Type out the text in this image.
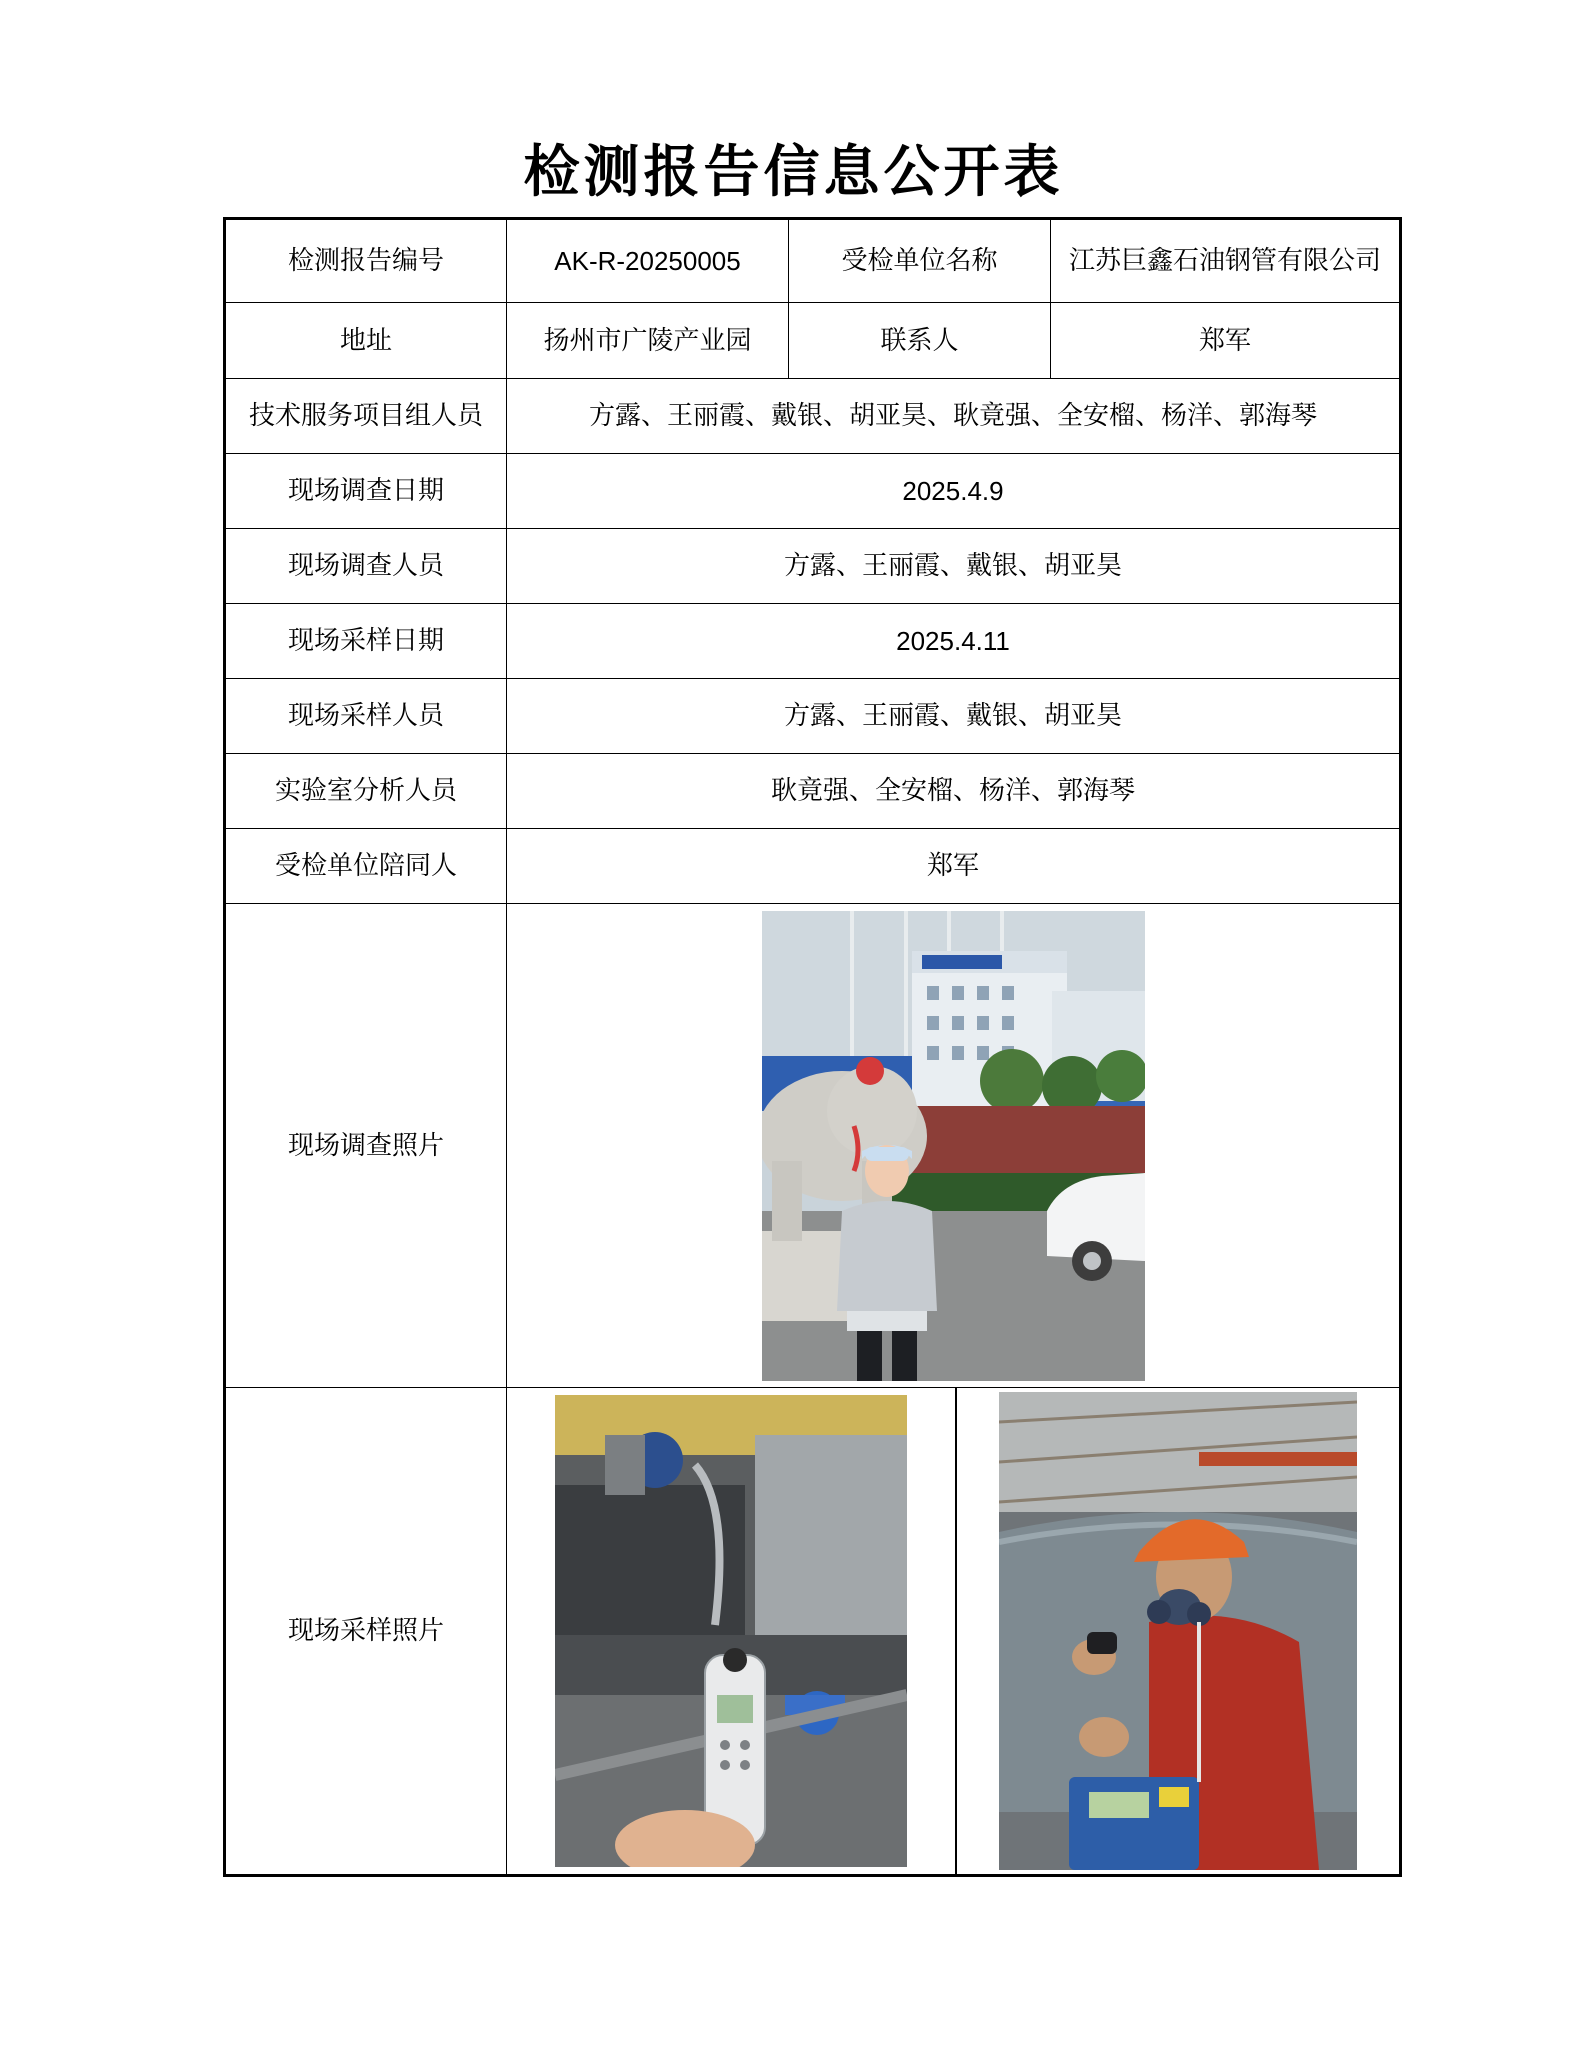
检测报告信息公开表
检测报告编号	AK-R-20250005	受检单位名称	江苏巨鑫石油钢管有限公司
地址	扬州市广陵产业园	联系人	郑军
技术服务项目组人员	方露、王丽霞、戴银、胡亚昊、耿竟强、全安榴、杨洋、郭海琴		
现场调查日期	2025.4.9		
现场调查人员	方露、王丽霞、戴银、胡亚昊		
现场采样日期	2025.4.11		
现场采样人员	方露、王丽霞、戴银、胡亚昊		
实验室分析人员	耿竟强、全安榴、杨洋、郭海琴		
受检单位陪同人	郑军		
现场调查照片	

现场采样照片	
